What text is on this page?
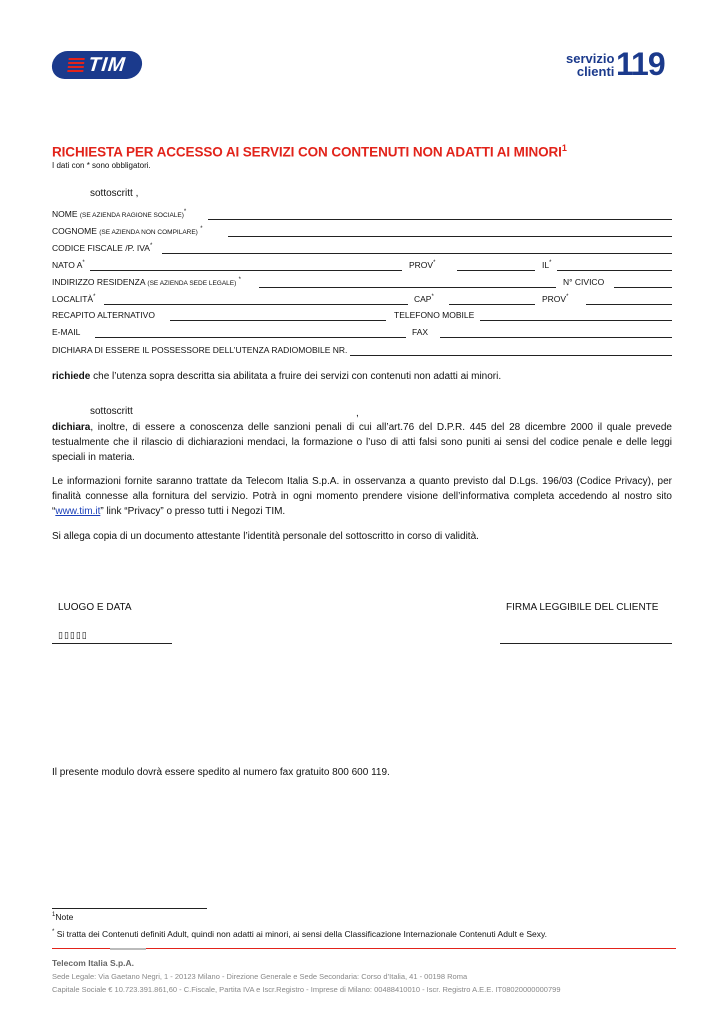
TIM	servizio
clienti 119
RICHIESTA PER ACCESSO AI SERVIZI CON CONTENUTI NON ADATTI AI MINORI$^1$
I dati con * sono obbligatori.
sottoscritt ,
NOME (SE AZIENDA RAGIONE SOCIALE)*
COGNOME (SE AZIENDA NON COMPILARE) *
CODICE FISCALE /P. IVA*
NATO A*	PROV*	IL*
INDIRIZZO RESIDENZA (SE AZIENDA SEDE LEGALE) *	N° CIVICO
LOCALITÀ*	CAP*	PROV*
RECAPITO ALTERNATIVO	TELEFONO MOBILE
E-MAIL	FAX
DICHIARA DI ESSERE IL POSSESSORE DELL’UTENZA RADIOMOBILE NR.
richiede che l’utenza sopra descritta sia abilitata a fruire dei servizi con contenuti non adatti ai minori.
sottoscritt	,
dichiara, inoltre, di essere a conoscenza delle sanzioni penali di cui all’art.76 del D.P.R. 445 del 28 dicembre 2000 il quale prevede testualmente che il rilascio di dichiarazioni mendaci, la formazione o l’uso di atti falsi sono puniti ai sensi del codice penale e delle leggi speciali in materia.
Le informazioni fornite saranno trattate da Telecom Italia S.p.A. in osservanza a quanto previsto dal D.Lgs. 196/03 (Codice Privacy), per finalità connesse alla fornitura del servizio. Potrà in ogni momento prendere visione dell’informativa completa accedendo al nostro sito “www.tim.it” link “Privacy” o presso tutti i Negozi TIM.
Si allega copia di un documento attestante l’identità personale del sottoscritto in corso di validità.
LUOGO E DATA	FIRMA LEGGIBILE DEL CLIENTE
▯▯▯▯▯
Il presente modulo dovrà essere spedito al numero fax gratuito 800 600 119.
$^1$Note
* Si tratta dei Contenuti definiti Adult, quindi non adatti ai minori, ai sensi della Classificazione Internazionale Contenuti Adult e Sexy.
Telecom Italia S.p.A.
Sede Legale: Via Gaetano Negri, 1 - 20123 Milano - Direzione Generale e Sede Secondaria: Corso d’Italia, 41 - 00198 Roma
Capitale Sociale € 10.723.391.861,60 - C.Fiscale, Partita IVA e Iscr.Registro - Imprese di Milano: 00488410010 - Iscr. Registro A.E.E. IT08020000000799
